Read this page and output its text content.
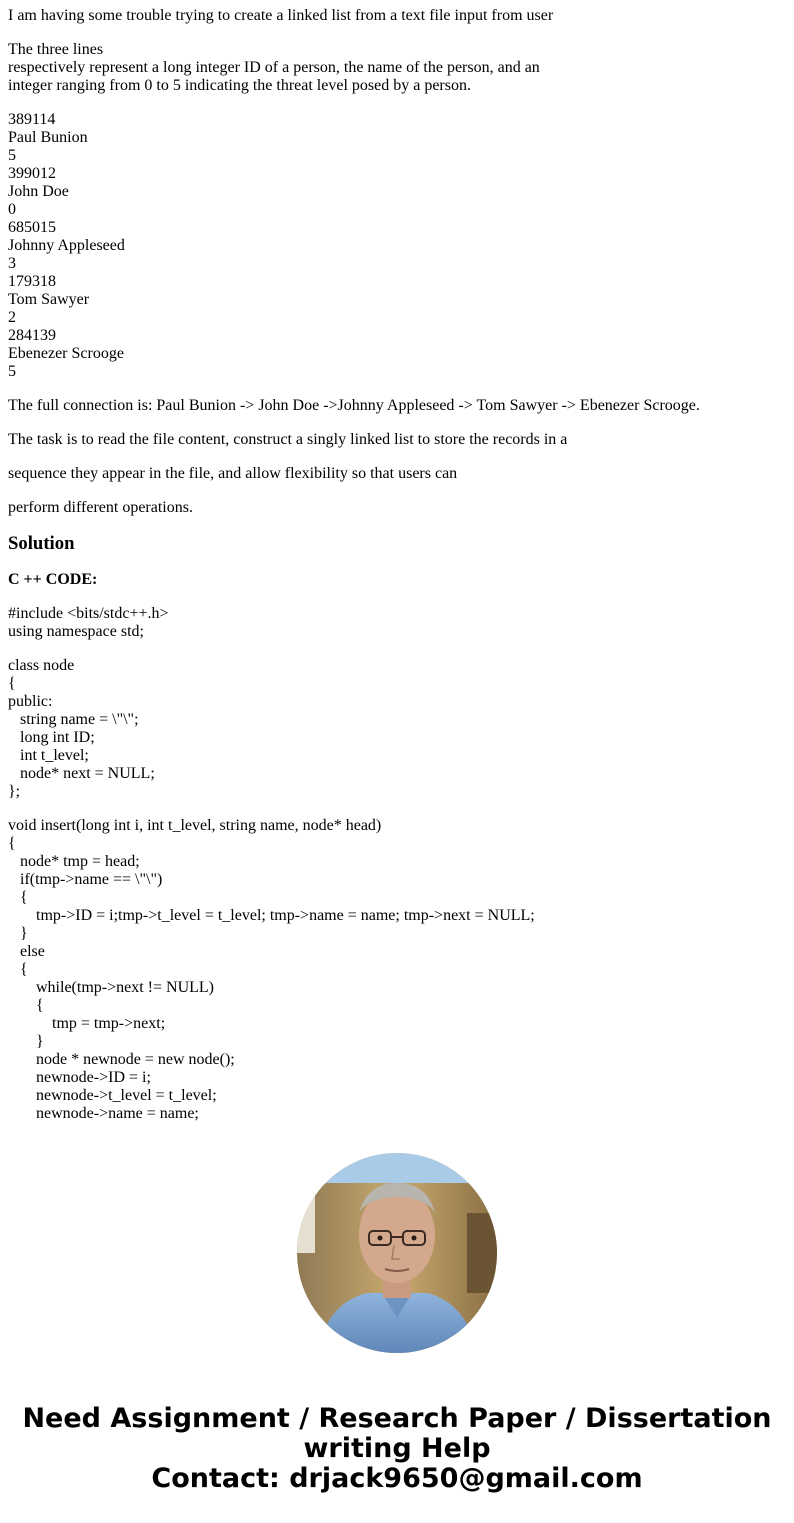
I am having some trouble trying to create a linked list from a text file input from user

The three lines
respectively represent a long integer ID of a person, the name of the person, and an
integer ranging from 0 to 5 indicating the threat level posed by a person.
389114
Paul Bunion
5
399012
John Doe
0
685015
Johnny Appleseed
3
179318
Tom Sawyer
2
284139
Ebenezer Scrooge
5

The full connection is: Paul Bunion -> John Doe ->Johnny Appleseed -> Tom Sawyer -> Ebenezer Scrooge.

The task is to read the file content, construct a singly linked list to store the records in a

sequence they appear in the file, and allow flexibility so that users can

perform different operations.

Solution
C ++ CODE:
#include <bits/stdc++.h>
using namespace std;
class node
{
public:
string name = \"\";
long int ID;
int t_level;
node* next = NULL;
};
void insert(long int i, int t_level, string name, node* head)
{
node* tmp = head;
if(tmp->name == \"\")
{
tmp->ID = i;tmp->t_level = t_level; tmp->name = name; tmp->next = NULL;
}
else
{
while(tmp->next != NULL)
{
tmp = tmp->next;
}
node * newnode = new node();
newnode->ID = i;
newnode->t_level = t_level;
newnode->name = name;
Need Assignment / Research Paper / Dissertation
writing Help
Contact: drjack9650@gmail.com
